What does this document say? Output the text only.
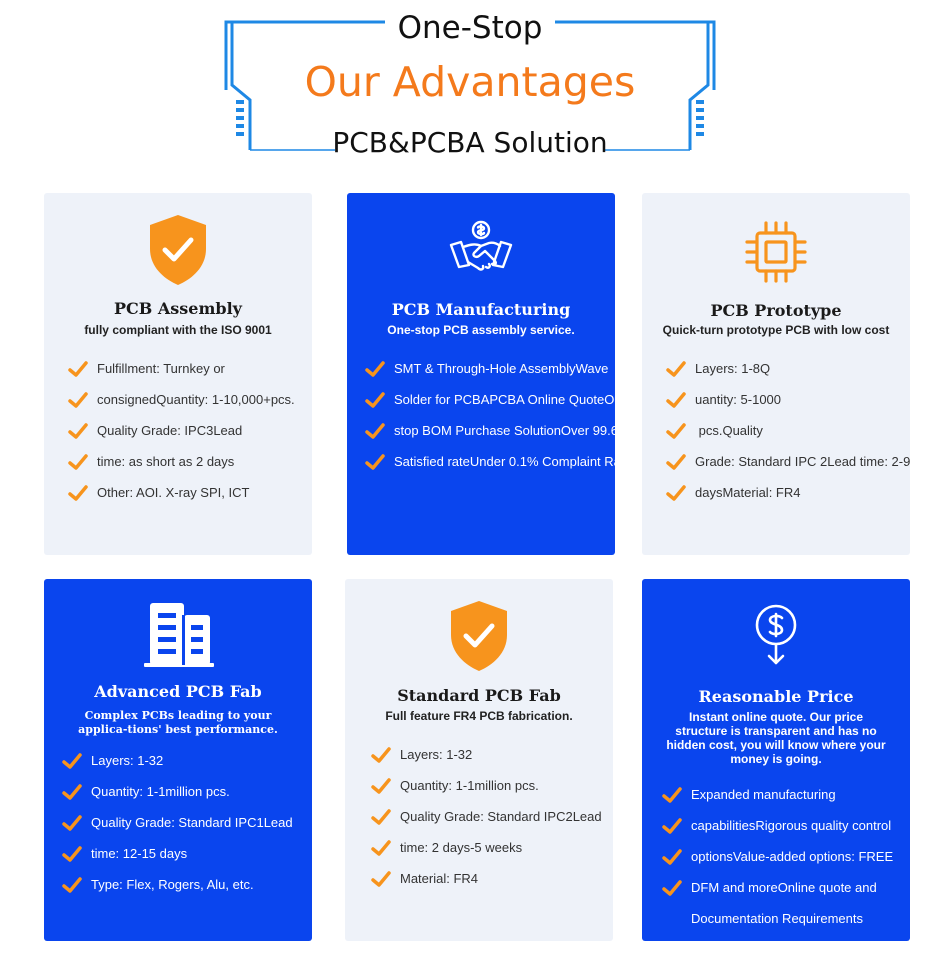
One-Stop
Our Advantages
PCB&PCBA Solution
PCB Assembly
fully compliant with the ISO 9001
Fulfillment: Turnkey or
consignedQuantity: 1-10,000+pcs.
Quality Grade: IPC3Lead
time: as short as 2 days
Other: AOI. X-ray SPI, ICT
PCB Manufacturing
One-stop PCB assembly service.
SMT & Through-Hole AssemblyWave
Solder for PCBAPCBA Online QuoteOne-
stop BOM Purchase SolutionOver 99.6%
Satisfied rateUnder 0.1% Complaint Rate
PCB Prototype
Quick-turn prototype PCB with low cost
Layers: 1-8Q
uantity: 5-1000
pcs.Quality
Grade: Standard IPC 2Lead time: 2-9
daysMaterial: FR4
Advanced PCB Fab
Complex PCBs leading to your applica-tions' best performance.
Layers: 1-32
Quantity: 1-1million pcs.
Quality Grade: Standard IPC1Lead
time: 12-15 days
Type: Flex, Rogers, Alu, etc.
Standard PCB Fab
Full feature FR4 PCB fabrication.
Layers: 1-32
Quantity: 1-1million pcs.
Quality Grade: Standard IPC2Lead
time: 2 days-5 weeks
Material: FR4
Reasonable Price
Instant online quote. Our price structure is transparent and has no hidden cost, you will know where your money is going.
Expanded manufacturing
capabilitiesRigorous quality control
optionsValue-added options: FREE
DFM and moreOnline quote and
Documentation Requirements
